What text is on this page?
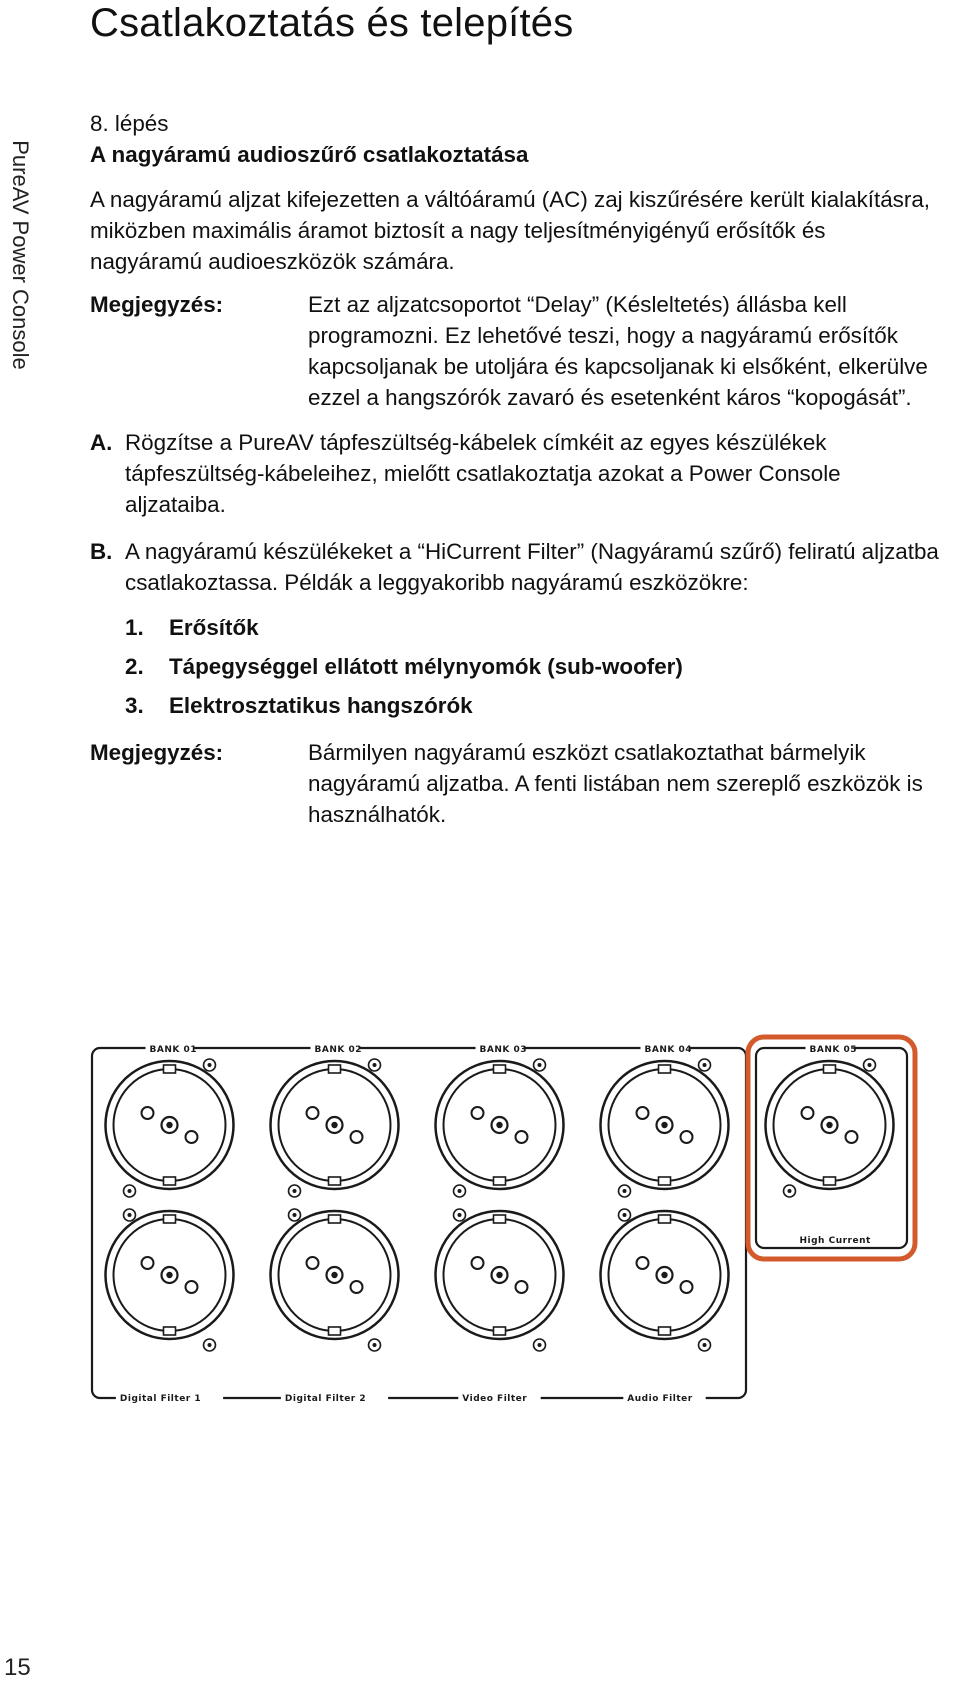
Csatlakoztatás és telepítés
PureAV Power Console
15

8. lépés

A nagyáramú audioszűrő csatlakoztatása

A nagyáramú aljzat kifejezetten a váltóáramú (AC) zaj kiszűrésére került kialakításra, miközben maximális áramot biztosít a nagy teljesítményigényű erősítők és nagyáramú audioeszközök számára.

Megjegyzés:	Ezt az aljzatcsoportot “Delay” (Késleltetés) állásba kell programozni. Ez lehetővé teszi, hogy a nagyáramú erősítők kapcsoljanak be utoljára és kapcsoljanak ki elsőként, elkerülve ezzel a hangszórók zavaró és esetenként káros “kopogását”.
A. Rögzítse a PureAV tápfeszültség-kábelek címkéit az egyes készülékek tápfeszültség-kábeleihez, mielőtt csatlakoztatja azokat a Power Console aljzataiba.
B. A nagyáramú készülékeket a “HiCurrent Filter” (Nagyáramú szűrő) feliratú aljzatba csatlakoztassa. Példák a leggyakoribb nagyáramú eszközökre:
1.	Erősítők
2.	Tápegységgel ellátott mélynyomók (sub-woofer)
3.	Elektrosztatikus hangszórók
Megjegyzés:	Bármilyen nagyáramú eszközt csatlakoztathat bármelyik nagyáramú aljzatba. A fenti listában nem szereplő eszközök is használhatók.
BANK 01
Digital Filter 1
BANK 02
Digital Filter 2
BANK 03
Video Filter
BANK 04
Audio Filter
BANK 05
High Current
